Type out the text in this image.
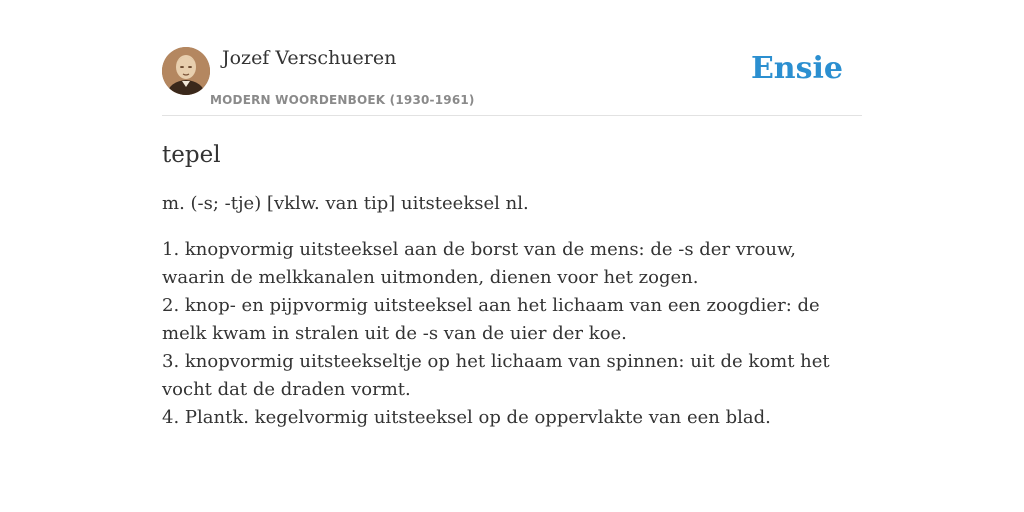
Jozef Verschueren
MODERN WOORDENBOEK (1930-1961)
Ensie
tepel
m. (-s; -tje) [vklw. van tip] uitsteeksel nl.
1. knopvormig uitsteeksel aan de borst van de mens: de -s der vrouw, waarin de melkkanalen uitmonden, dienen voor het zogen.
2. knop- en pijpvormig uitsteeksel aan het lichaam van een zoogdier: de melk kwam in stralen uit de -s van de uier der koe.
3. knopvormig uitsteekseltje op het lichaam van spinnen: uit de komt het vocht dat de draden vormt.
4. Plantk. kegelvormig uitsteeksel op de oppervlakte van een blad.
